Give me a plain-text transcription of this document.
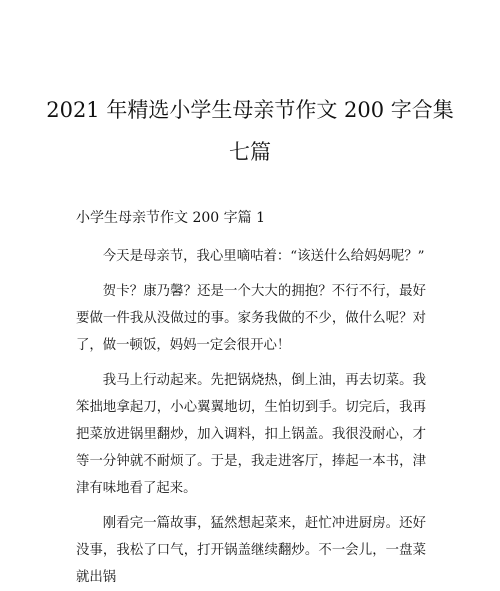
2021 年精选小学生母亲节作文 200 字合集
七篇
小学生母亲节作文 200 字篇 1

今天是母亲节，我心里嘀咕着：“该送什么给妈妈呢？”

贺卡？康乃馨？还是一个大大的拥抱？不行不行，最好要做一件我从没做过的事。家务我做的不少，做什么呢？对了，做一顿饭，妈妈一定会很开心！

我马上行动起来。先把锅烧热，倒上油，再去切菜。我笨拙地拿起刀，小心翼翼地切，生怕切到手。切完后，我再把菜放进锅里翻炒，加入调料，扣上锅盖。我很没耐心，才等一分钟就不耐烦了。于是，我走进客厅，捧起一本书，津津有味地看了起来。

刚看完一篇故事，猛然想起菜来，赶忙冲进厨房。还好没事，我松了口气，打开锅盖继续翻炒。不一会儿，一盘菜就出锅
